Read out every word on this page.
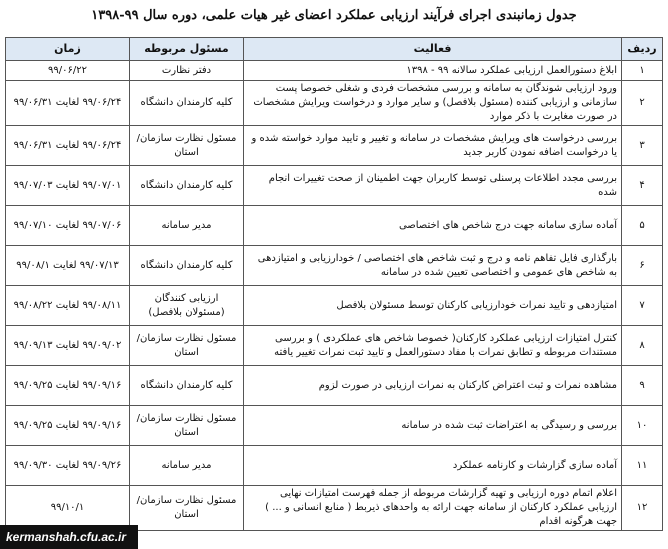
جدول زمانبندی اجرای فرآیند ارزیابی عملکرد اعضای غیر هیات علمی، دوره سال ۹۹-۱۳۹۸
ردیف	فعالیت	مسئول مربوطه	زمان
۱	ابلاغ دستورالعمل ارزیابی عملکرد سالانه ۹۹ - ۱۳۹۸	دفتر نظارت	۹۹/۰۶/۲۲
۲	ورود ارزیابی شوندگان به سامانه و بررسی مشخصات فردی و شغلی خصوصا پست سازمانی و ارزیابی کننده (مسئول بلافصل) و سایر موارد و درخواست ویرایش مشخصات در صورت مغایرت با ذکر موارد	کلیه کارمندان دانشگاه	۹۹/۰۶/۲۴ لغایت ۹۹/۰۶/۳۱
۳	بررسی درخواست های ویرایش مشخصات در سامانه و تغییر و تایید موارد خواسته شده و یا درخواست اضافه نمودن کاربر جدید	مسئول نظارت سازمان/استان	۹۹/۰۶/۲۴ لغایت ۹۹/۰۶/۳۱
۴	بررسی مجدد اطلاعات پرسنلی توسط کاربران جهت اطمینان از صحت تغییرات انجام شده	کلیه کارمندان دانشگاه	۹۹/۰۷/۰۱ لغایت ۹۹/۰۷/۰۳
۵	آماده سازی سامانه جهت درج شاخص های اختصاصی	مدیر سامانه	۹۹/۰۷/۰۶ لغایت ۹۹/۰۷/۱۰
۶	بارگذاری فایل تفاهم نامه و درج و ثبت شاخص های اختصاصی / خودارزیابی و امتیازدهی به شاخص های عمومی و اختصاصی تعیین شده در سامانه	کلیه کارمندان دانشگاه	۹۹/۰۷/۱۳ لغایت ۹۹/۰۸/۱
۷	امتیازدهی و تایید نمرات خودارزیابی کارکنان توسط مسئولان بلافصل	ارزیابی کنندگان (مسئولان بلافصل)	۹۹/۰۸/۱۱ لغایت ۹۹/۰۸/۲۲
۸	کنترل امتیازات ارزیابی عملکرد کارکنان( خصوصا شاخص های عملکردی ) و بررسی مستندات مربوطه و تطابق نمرات با مفاد دستورالعمل و تایید ثبت نمرات تغییر یافته	مسئول نظارت سازمان/ استان	۹۹/۰۹/۰۲ لغایت ۹۹/۰۹/۱۳
۹	مشاهده نمرات و ثبت اعتراض کارکنان به نمرات ارزیابی در صورت لزوم	کلیه کارمندان دانشگاه	۹۹/۰۹/۱۶ لغایت ۹۹/۰۹/۲۵
۱۰	بررسی و رسیدگی به اعتراضات ثبت شده در سامانه	مسئول نظارت سازمان/استان	۹۹/۰۹/۱۶ لغایت ۹۹/۰۹/۲۵
۱۱	آماده سازی گزارشات و کارنامه عملکرد	مدیر سامانه	۹۹/۰۹/۲۶ لغایت ۹۹/۰۹/۳۰
۱۲	اعلام اتمام دوره ارزیابی و تهیه گزارشات مربوطه از جمله فهرست امتیازات نهایی ارزیابی عملکرد کارکنان از سامانه جهت ارائه به واحدهای ذیربط ( منابع انسانی و ... ) جهت هرگونه اقدام	مسئول نظارت سازمان/استان	۹۹/۱۰/۱
kermanshah.cfu.ac.ir
